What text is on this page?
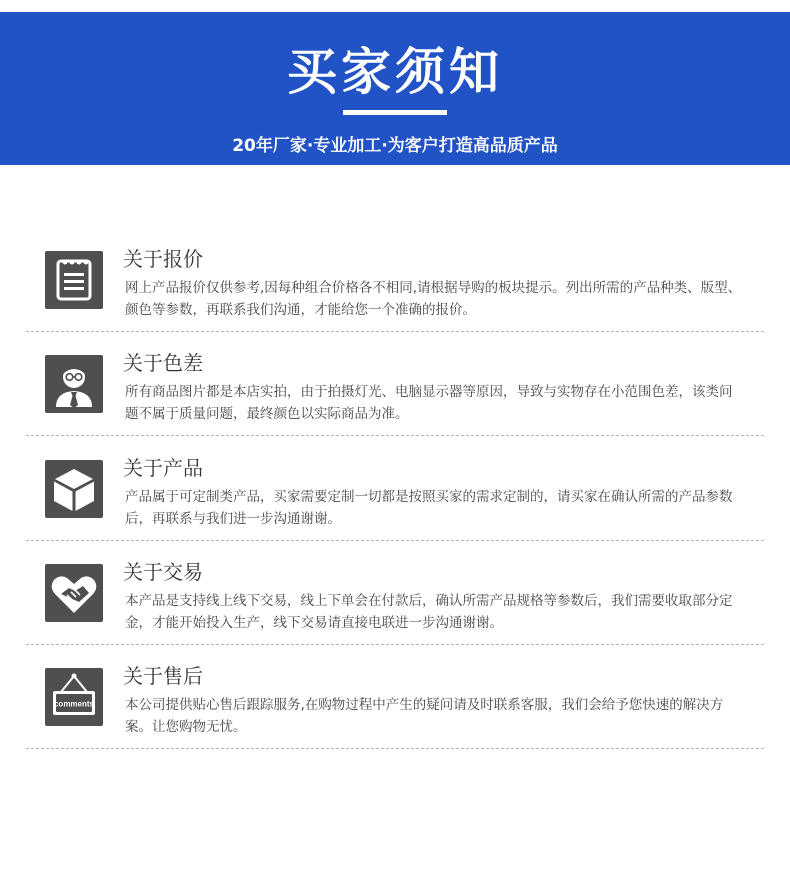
买家须知
20年厂家·专业加工·为客户打造高品质产品
关于报价
网上产品报价仅供参考,因每种组合价格各不相同,请根据导购的板块提示。列出所需的产品种类、版型、颜色等参数，再联系我们沟通，才能给您一个准确的报价。
关于色差
所有商品图片都是本店实拍，由于拍摄灯光、电脑显示器等原因，导致与实物存在小范围色差，该类问题不属于质量问题，最终颜色以实际商品为准。
关于产品
产品属于可定制类产品，买家需要定制一切都是按照买家的需求定制的，请买家在确认所需的产品参数后，再联系与我们进一步沟通谢谢。
关于交易
本产品是支持线上线下交易，线上下单会在付款后，确认所需产品规格等参数后，我们需要收取部分定金，才能开始投入生产，线下交易请直接电联进一步沟通谢谢。
comments
关于售后
本公司提供贴心售后跟踪服务,在购物过程中产生的疑问请及时联系客服，我们会给予您快速的解决方案。让您购物无忧。
